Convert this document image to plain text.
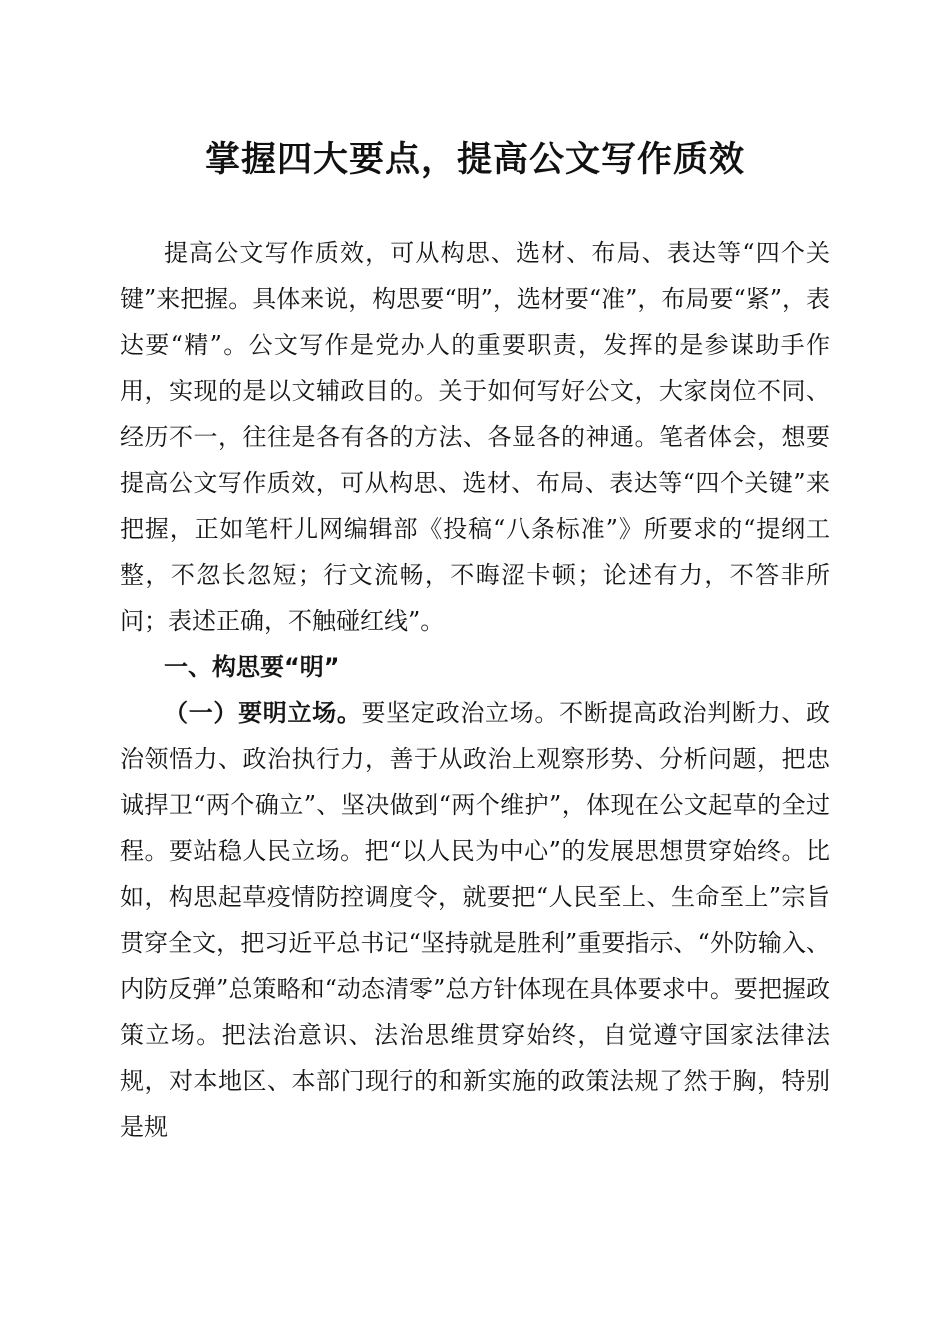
掌握四大要点，提高公文写作质效

提高公文写作质效，可从构思、选材、布局、表达等“四个关键”来把握。具体来说，构思要“明”，选材要“准”，布局要“紧”，表达要“精”。公文写作是党办人的重要职责，发挥的是参谋助手作用，实现的是以文辅政目的。关于如何写好公文，大家岗位不同、经历不一，往往是各有各的方法、各显各的神通。笔者体会，想要提高公文写作质效，可从构思、选材、布局、表达等“四个关键”来把握，正如笔杆儿网编辑部《投稿“八条标准”》所要求的“提纲工整，不忽长忽短；行文流畅，不晦涩卡顿；论述有力，不答非所问；表述正确，不触碰红线”。

一、构思要“明”

（一）要明立场。要坚定政治立场。不断提高政治判断力、政治领悟力、政治执行力，善于从政治上观察形势、分析问题，把忠诚捍卫“两个确立”、坚决做到“两个维护”，体现在公文起草的全过程。要站稳人民立场。把“以人民为中心”的发展思想贯穿始终。比如，构思起草疫情防控调度令，就要把“人民至上、生命至上”宗旨贯穿全文，把习近平总书记“坚持就是胜利”重要指示、“外防输入、内防反弹”总策略和“动态清零”总方针体现在具体要求中。要把握政策立场。把法治意识、法治思维贯穿始终，自觉遵守国家法律法规，对本地区、本部门现行的和新实施的政策法规了然于胸，特别是规
